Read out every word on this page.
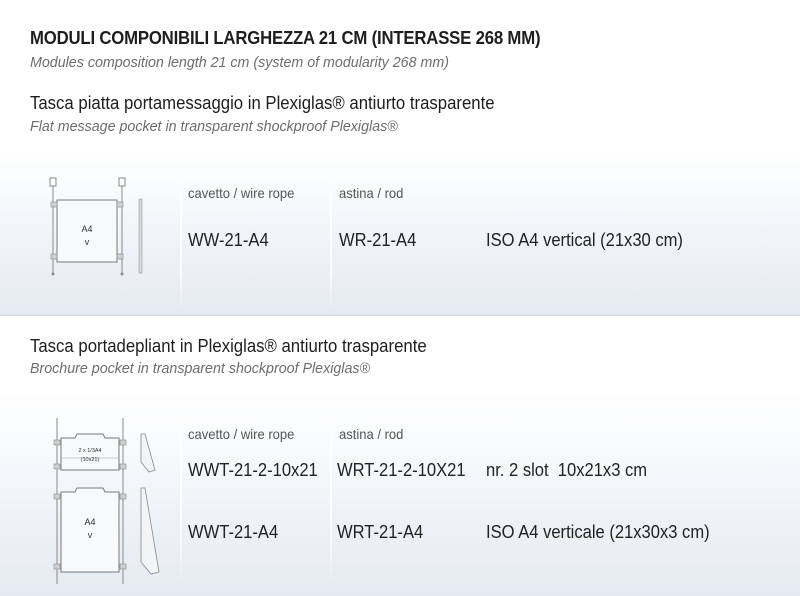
MODULI COMPONIBILI LARGHEZZA 21 CM (INTERASSE 268 MM)
Modules composition length 21 cm (system of modularity 268 mm)
Tasca piatta portamessaggio in Plexiglas® antiurto trasparente
Flat message pocket in transparent shockproof Plexiglas®
A4
v
cavetto / wire rope	astina / rod
WW-21-A4	WR-21-A4	ISO A4 vertical (21x30 cm)
Tasca portadepliant in Plexiglas® antiurto trasparente
Brochure pocket in transparent shockproof Plexiglas®
2 x 1/3A4
(10x21)
A4
v
cavetto / wire rope	astina / rod
WWT-21-2-10x21 WRT-21-2-10X21 nr. 2 slot  10x21x3 cm
WWT-21-A4	WRT-21-A4	ISO A4 verticale (21x30x3 cm)
